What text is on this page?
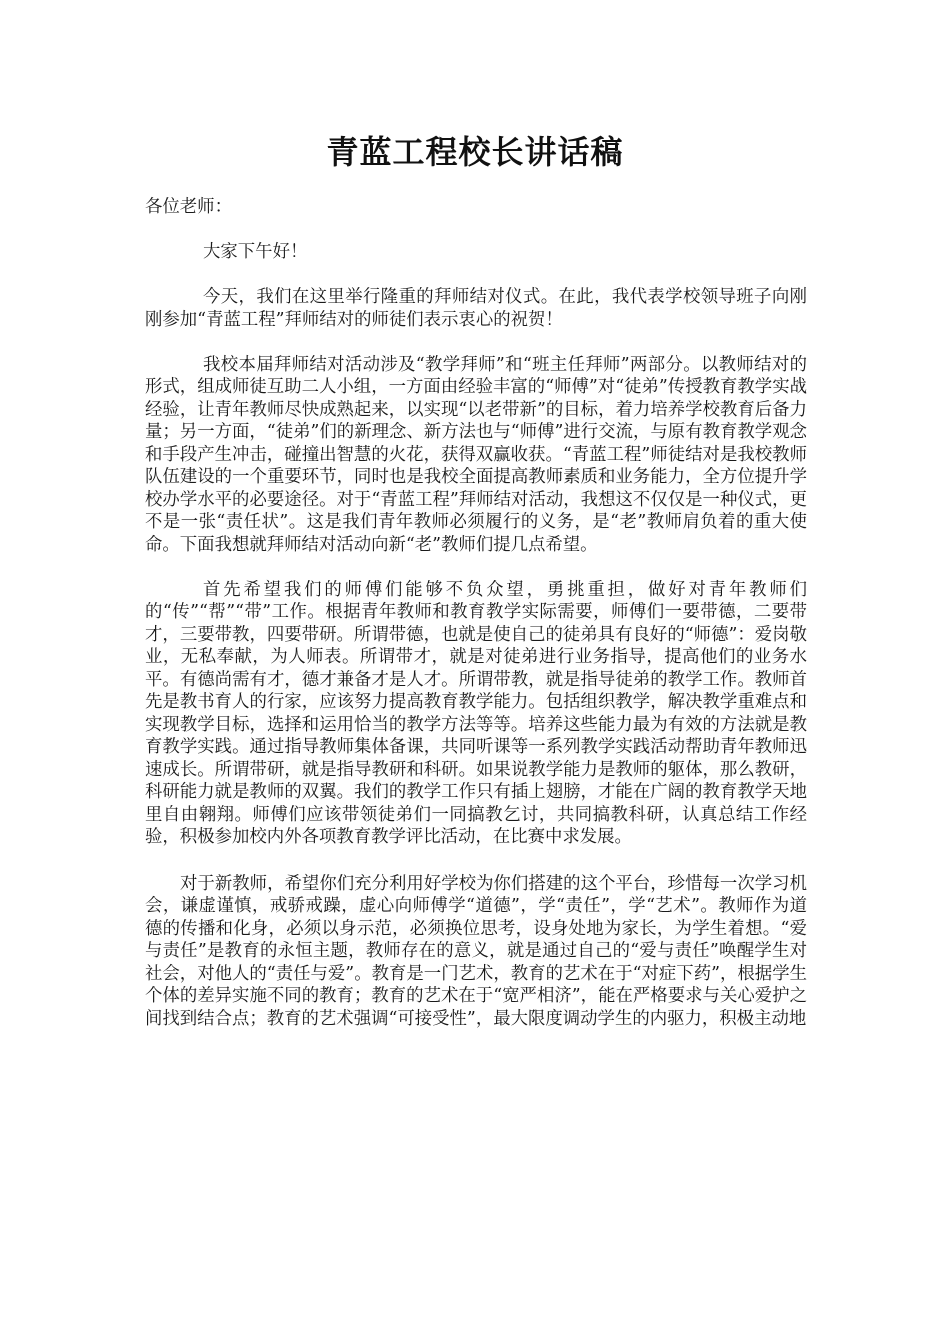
青蓝工程校长讲话稿

各位老师：

大家下午好！

今天，我们在这里举行隆重的拜师结对仪式。在此，我代表学校领导班子向刚刚参加“青蓝工程”拜师结对的师徒们表示衷心的祝贺！

我校本届拜师结对活动涉及“教学拜师”和“班主任拜师”两部分。以教师结对的形式，组成师徒互助二人小组，一方面由经验丰富的“师傅”对“徒弟”传授教育教学实战经验，让青年教师尽快成熟起来，以实现“以老带新”的目标，着力培养学校教育后备力量；另一方面，“徒弟”们的新理念、新方法也与“师傅”进行交流，与原有教育教学观念和手段产生冲击，碰撞出智慧的火花，获得双赢收获。“青蓝工程”师徒结对是我校教师队伍建设的一个重要环节，同时也是我校全面提高教师素质和业务能力，全方位提升学校办学水平的必要途径。对于“青蓝工程”拜师结对活动，我想这不仅仅是一种仪式，更不是一张“责任状”。这是我们青年教师必须履行的义务，是“老”教师肩负着的重大使命。下面我想就拜师结对活动向新“老”教师们提几点希望。

首先希望我们的师傅们能够不负众望，勇挑重担，做好对青年教师们的“传”“帮”“带”工作。根据青年教师和教育教学实际需要，师傅们一要带德，二要带才，三要带教，四要带研。所谓带德，也就是使自己的徒弟具有良好的“师德”：爱岗敬业，无私奉献，为人师表。所谓带才，就是对徒弟进行业务指导，提高他们的业务水平。有德尚需有才，德才兼备才是人才。所谓带教，就是指导徒弟的教学工作。教师首先是教书育人的行家，应该努力提高教育教学能力。包括组织教学，解决教学重难点和实现教学目标，选择和运用恰当的教学方法等等。培养这些能力最为有效的方法就是教育教学实践。通过指导教师集体备课，共同听课等一系列教学实践活动帮助青年教师迅速成长。所谓带研，就是指导教研和科研。如果说教学能力是教师的躯体，那么教研，科研能力就是教师的双翼。我们的教学工作只有插上翅膀，才能在广阔的教育教学天地里自由翱翔。师傅们应该带领徒弟们一同搞教乞讨，共同搞教科研，认真总结工作经验，积极参加校内外各项教育教学评比活动，在比赛中求发展。

对于新教师，希望你们充分利用好学校为你们搭建的这个平台，珍惜每一次学习机会，谦虚谨慎，戒骄戒躁，虚心向师傅学“道德”，学“责任”，学“艺术”。教师作为道德的传播和化身，必须以身示范，必须换位思考，设身处地为家长，为学生着想。“爱与责任”是教育的永恒主题，教师存在的意义，就是通过自己的“爱与责任”唤醒学生对社会，对他人的“责任与爱”。教育是一门艺术，教育的艺术在于“对症下药”，根据学生个体的差异实施不同的教育；教育的艺术在于“宽严相济”，能在严格要求与关心爱护之间找到结合点；教育的艺术强调“可接受性”，最大限度调动学生的内驱力，积极主动地
